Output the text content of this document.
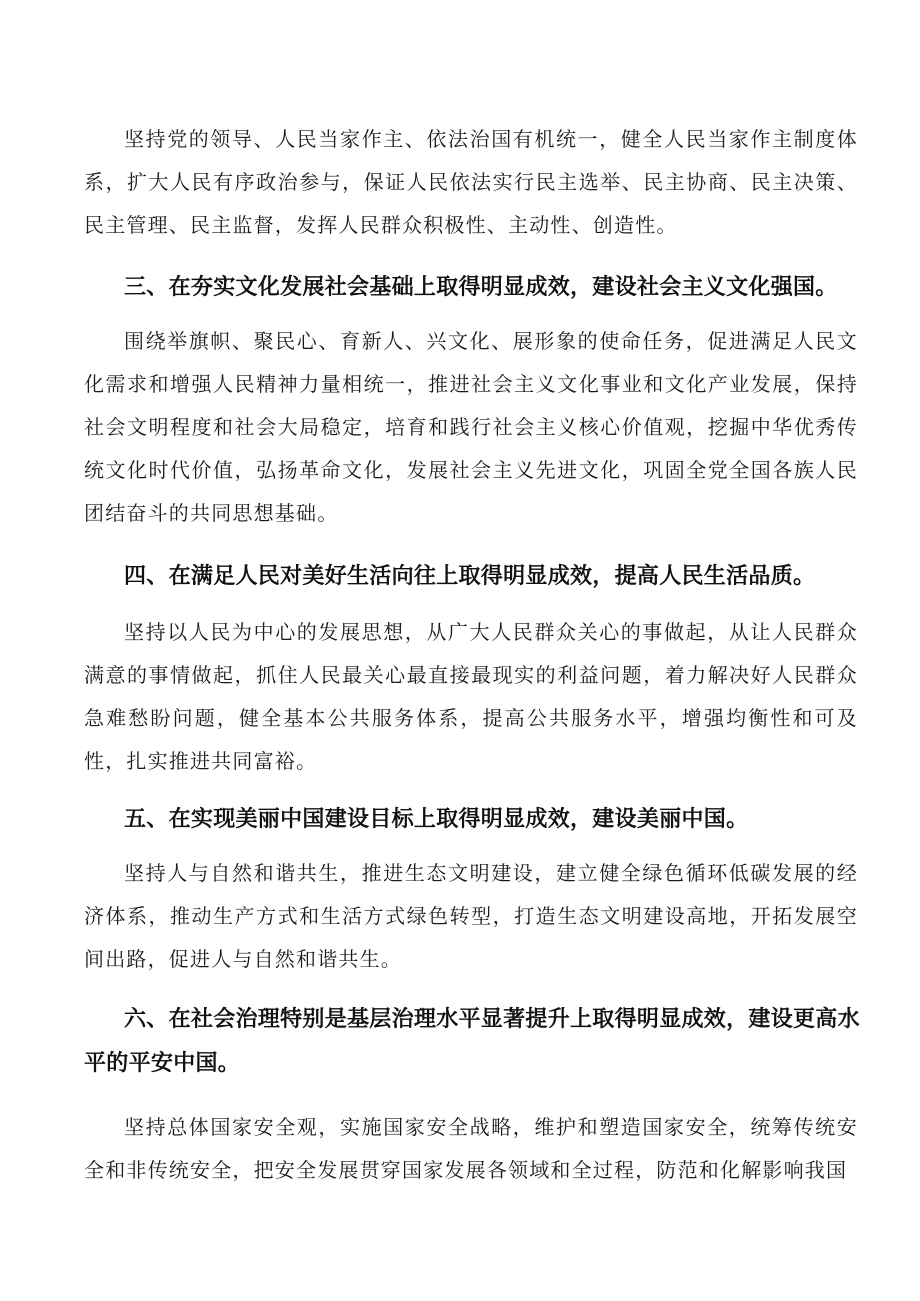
坚持党的领导、人民当家作主、依法治国有机统一，健全人民当家作主制度体系，扩大人民有序政治参与，保证人民依法实行民主选举、民主协商、民主决策、民主管理、民主监督，发挥人民群众积极性、主动性、创造性。

三、在夯实文化发展社会基础上取得明显成效，建设社会主义文化强国。

围绕举旗帜、聚民心、育新人、兴文化、展形象的使命任务，促进满足人民文化需求和增强人民精神力量相统一，推进社会主义文化事业和文化产业发展，保持社会文明程度和社会大局稳定，培育和践行社会主义核心价值观，挖掘中华优秀传统文化时代价值，弘扬革命文化，发展社会主义先进文化，巩固全党全国各族人民团结奋斗的共同思想基础。

四、在满足人民对美好生活向往上取得明显成效，提高人民生活品质。

坚持以人民为中心的发展思想，从广大人民群众关心的事做起，从让人民群众满意的事情做起，抓住人民最关心最直接最现实的利益问题，着力解决好人民群众急难愁盼问题，健全基本公共服务体系，提高公共服务水平，增强均衡性和可及性，扎实推进共同富裕。

五、在实现美丽中国建设目标上取得明显成效，建设美丽中国。

坚持人与自然和谐共生，推进生态文明建设，建立健全绿色循环低碳发展的经济体系，推动生产方式和生活方式绿色转型，打造生态文明建设高地，开拓发展空间出路，促进人与自然和谐共生。

六、在社会治理特别是基层治理水平显著提升上取得明显成效，建设更高水平的平安中国。

坚持总体国家安全观，实施国家安全战略，维护和塑造国家安全，统筹传统安全和非传统安全，把安全发展贯穿国家发展各领域和全过程，防范和化解影响我国
